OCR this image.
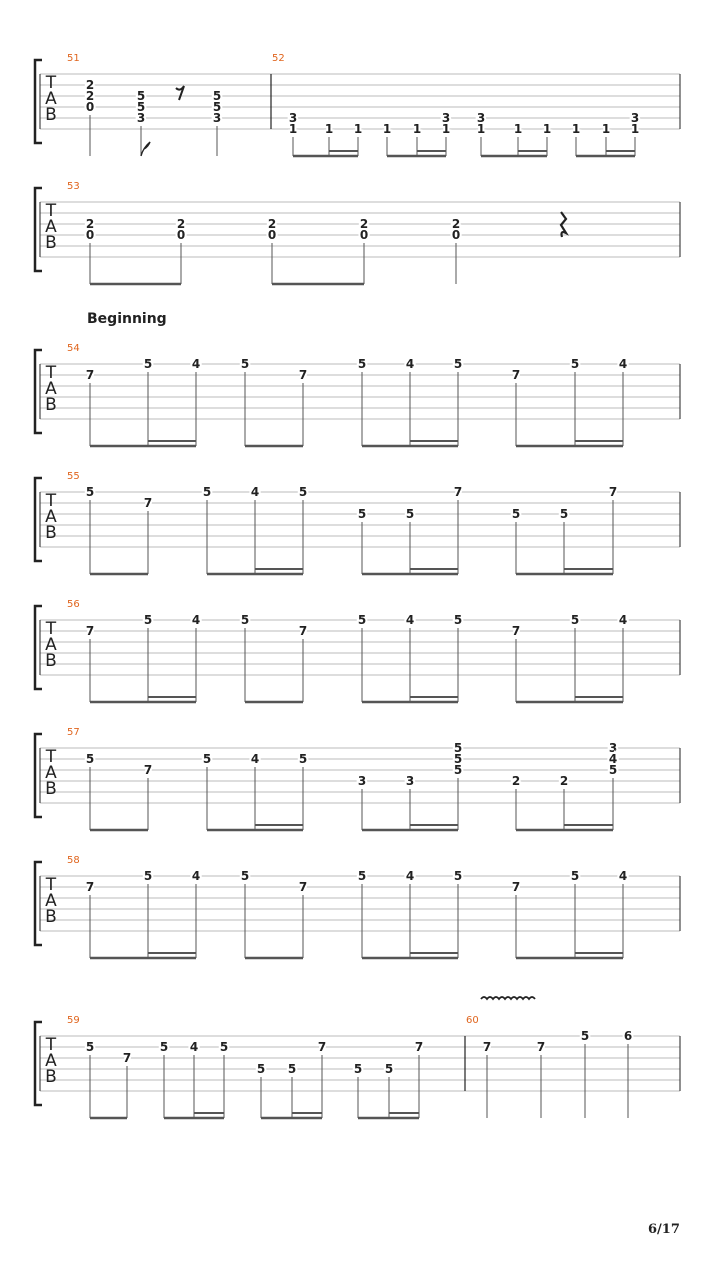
T
A
B
51
2
2
0
5
5
3
5
5
3
52
3
1 1 1 1 1
3
1
3
1 1 1 1 1
3
1
T
A
B
53
2
0
2
0
2
0
2
0
2
0
T
A
B
54
7
5	4	5
7
5	4	5
7
5	4
T
A
B
55
5
7
5	4	5
5	5
7
5	5
7
T
A
B
56
7
5	4	5
7
5	4	5
7
5	4
T
A
B
57
5
7
5	4	5
3	3
5
5
5
2	2
3
4
5
T
A
B
58
7
5	4	5
7
5	4	5
7
5	4
T
A
B
59
5
7
5 4 5
5 5
7
5 5
7
60
7	7
5	6
Beginning
6/17
